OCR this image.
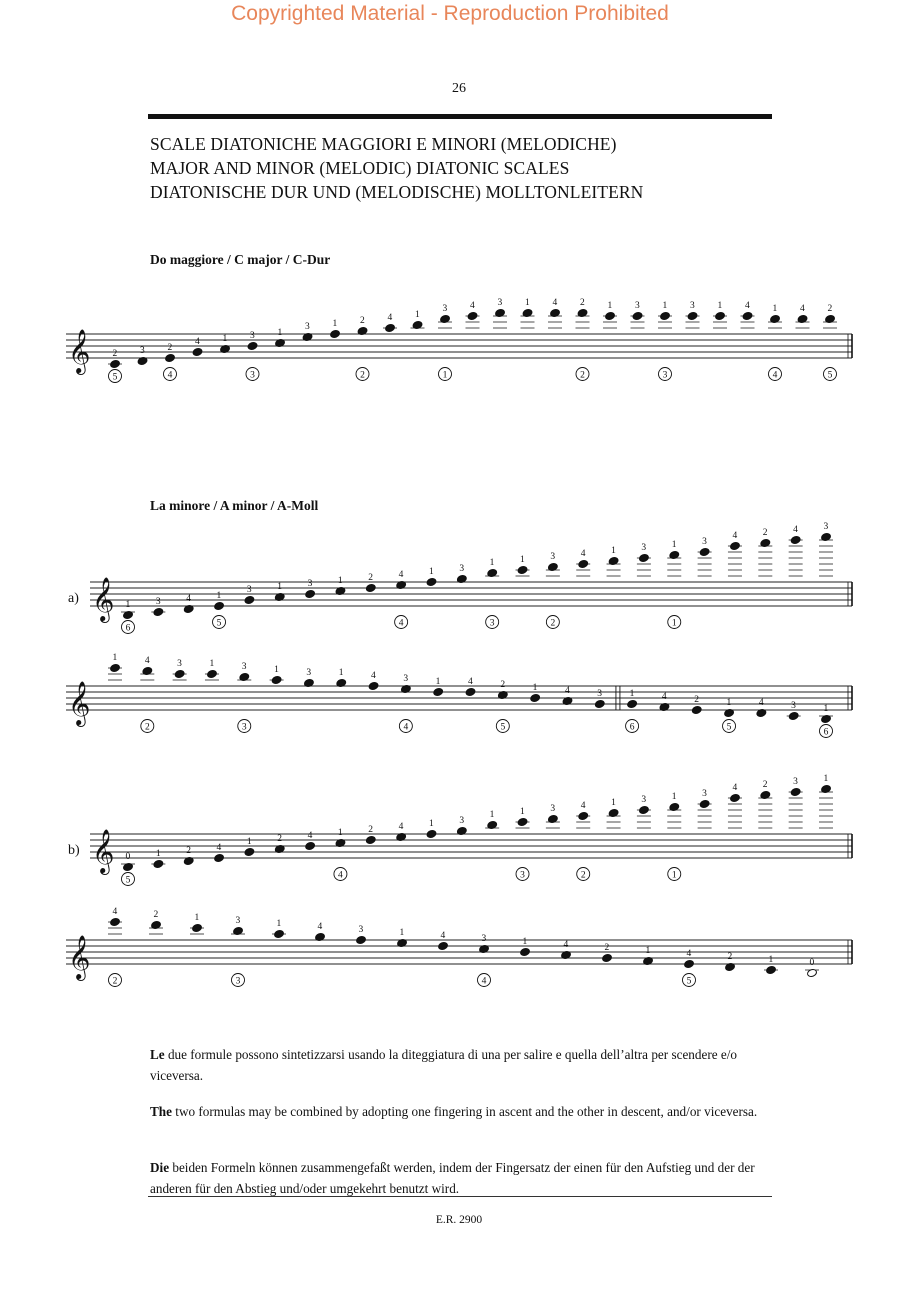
Copyrighted Material - Reproduction Prohibited
26
SCALE DIATONICHE MAGGIORI E MINORI (MELODICHE)
MAJOR AND MINOR (MELODIC) DIATONIC SCALES
DIATONISCHE DUR UND (MELODISCHE) MOLLTONLEITERN
Do maggiore / C major / C-Dur
La minore / A minor / A-Moll
a)
b)
𝄞 2 3 2
4 1 3 1
3 1 2 4 1
3 4 3 1 4 2 1 3 1 3 1 4 1 4 2
5	4	3	2	1	2	3	4	5
𝄞 1	3	4	1
3	1	3	1	2	4	1	3
1	1	3	4	1	3	1	3
4	2	4	3
6	5	4	3	2	1
𝄞
1	4	3	1	3	1	3	1	4	3	1	4	2	1	4	3	1	4	2	1	4	3	1
2	3	4	5	6	5	6
𝄞 0	1	2	4
1	2	4	1	2	4	1	3
1	1	3	4	1	3	1	3
4	2	3	1
5	4	3	2	1
𝄞
4	2	1	3	1	4	3	1	4	3	1	4	2	1	4	2	1	0
2	3	4	5
Le due formule possono sintetizzarsi usando la diteggiatura di una per salire e quella dell’altra per scendere e/o viceversa.
The two formulas may be combined by adopting one fingering in ascent and the other in descent, and/or viceversa.
Die beiden Formeln können zusammengefaßt werden, indem der Fingersatz der einen für den Aufstieg und der der anderen für den Abstieg und/oder umgekehrt benutzt wird.
E.R. 2900
